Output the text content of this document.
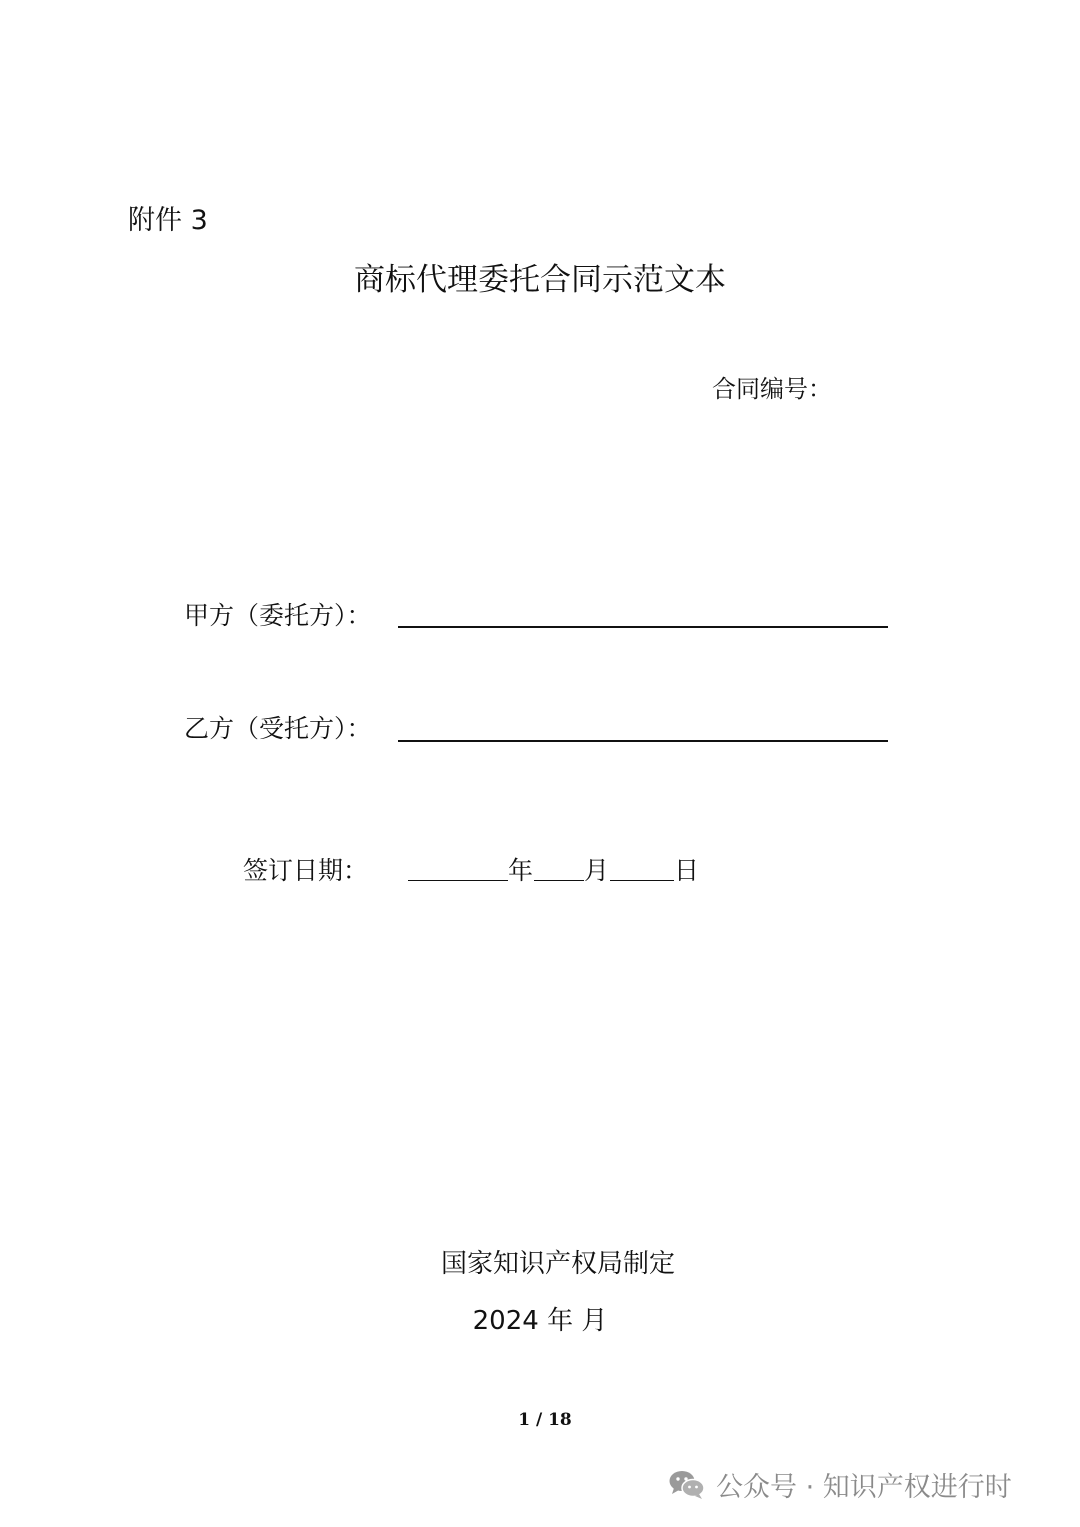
附件 3
商标代理委托合同示范文本
合同编号：
甲方（委托方）：
乙方（受托方）：
签订日期：	年 月	日
国家知识产权局制定
2024 年 月
1 / 18
公众号 · 知识产权进行时
